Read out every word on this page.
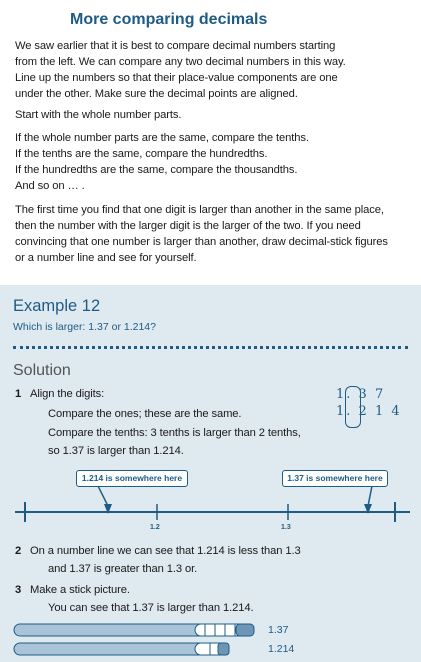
More comparing decimals
We saw earlier that it is best to compare decimal numbers starting
from the left. We can compare any two decimal numbers in this way.
Line up the numbers so that their place-value components are one
under the other. Make sure the decimal points are aligned.
Start with the whole number parts.
If the whole number parts are the same, compare the tenths.
If the tenths are the same, compare the hundredths.
If the hundredths are the same, compare the thousandths.
And so on … .
The first time you find that one digit is larger than another in the same place,
then the number with the larger digit is the larger of the two. If you need
convincing that one number is larger than another, draw decimal-stick figures
or a number line and see for yourself.
Example 12
Which is larger: 1.37 or 1.214?
Solution
1 Align the digits:
Compare the ones; these are the same.
Compare the tenths: 3 tenths is larger than 2 tenths,
so 1.37 is larger than 1.214.
1. 3 7
1. 2 1 4
1.214 is somewhere here	1.37 is somewhere here
1.2	1.3
2 On a number line we can see that 1.214 is less than 1.3
and 1.37 is greater than 1.3 or.
3 Make a stick picture.
You can see that 1.37 is larger than 1.214.
1.37
1.214
